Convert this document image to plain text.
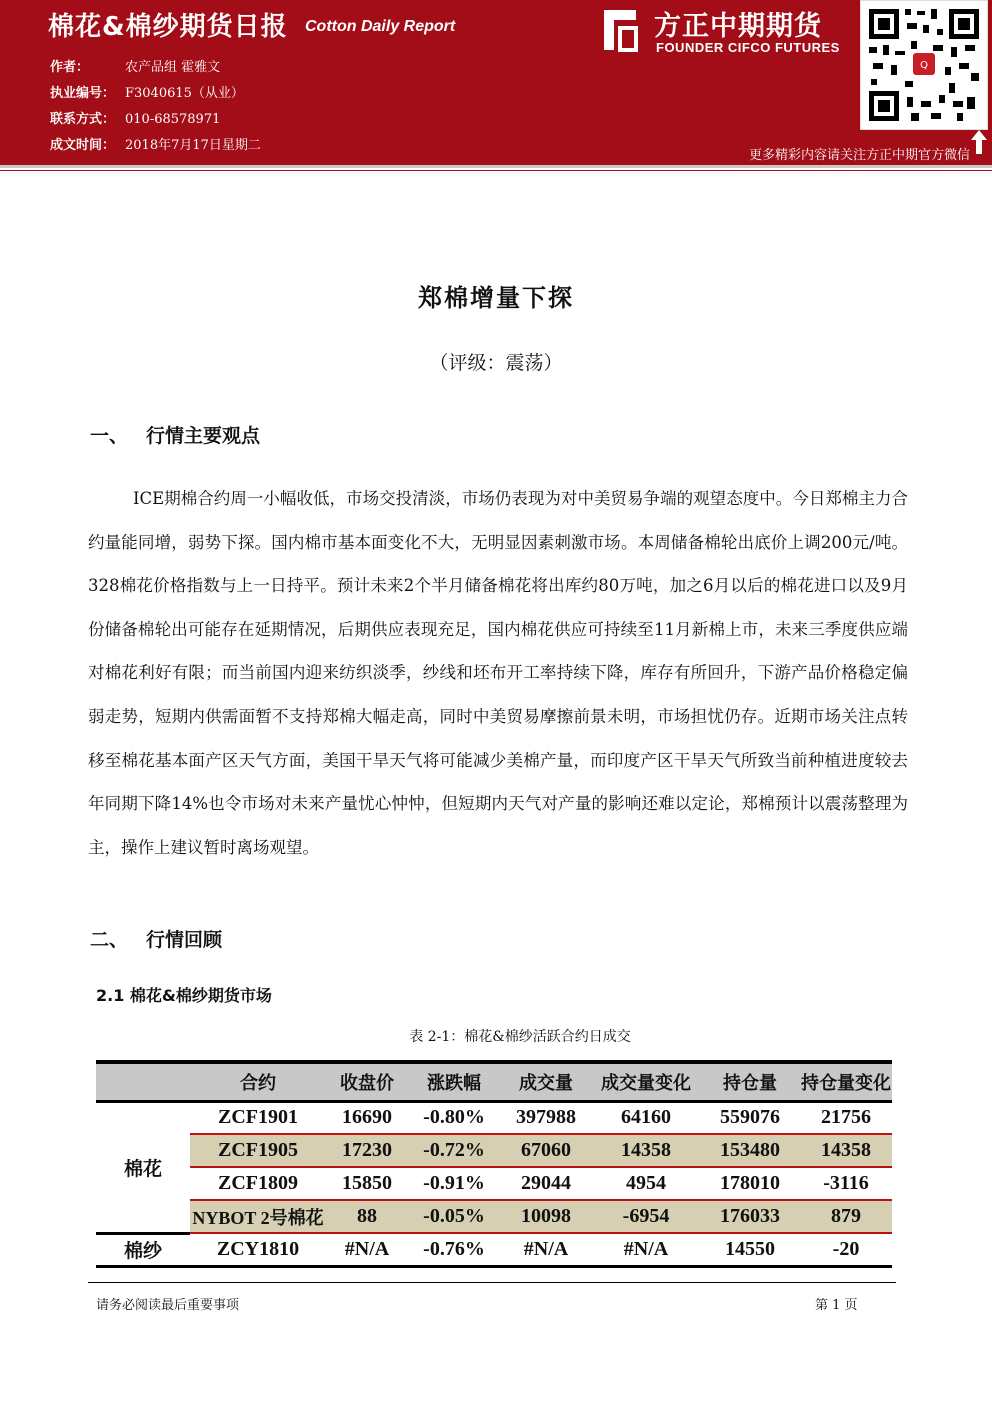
棉花&棉纱期货日报 Cotton Daily Report
作者：	农产品组 霍雅文
执业编号： F3040615（从业）
联系方式： 010-68578971
成文时间： 2018年7月17日星期二
方正中期期货
FOUNDER CIFCO FUTURES
Q
更多精彩内容请关注方正中期官方微信
郑棉增量下探
（评级：震荡）
一、 行情主要观点

ICE期棉合约周一小幅收低，市场交投清淡，市场仍表现为对中美贸易争端的观望态度中。今日郑棉主力合约量能同增，弱势下探。国内棉市基本面变化不大，无明显因素刺激市场。本周储备棉轮出底价上调200元/吨。328棉花价格指数与上一日持平。预计未来2个半月储备棉花将出库约80万吨，加之6月以后的棉花进口以及9月份储备棉轮出可能存在延期情况，后期供应表现充足，国内棉花供应可持续至11月新棉上市，未来三季度供应端对棉花利好有限；而当前国内迎来纺织淡季，纱线和坯布开工率持续下降，库存有所回升，下游产品价格稳定偏弱走势，短期内供需面暂不支持郑棉大幅走高，同时中美贸易摩擦前景未明，市场担忧仍存。近期市场关注点转移至棉花基本面产区天气方面，美国干旱天气将可能减少美棉产量，而印度产区干旱天气所致当前种植进度较去年同期下降14%也令市场对未来产量忧心忡忡，但短期内天气对产量的影响还难以定论，郑棉预计以震荡整理为主，操作上建议暂时离场观望。

二、 行情回顾
2.1 棉花&棉纱期货市场
表 2-1：棉花&棉纱活跃合约日成交
	合约	收盘价	涨跌幅	成交量	成交量变化	持仓量	持仓量变化
棉花	ZCF1901	16690	-0.80%	397988	64160	559076	21756
	ZCF1905	17230	-0.72%	67060	14358	153480	14358
	ZCF1809	15850	-0.91%	29044	4954	178010	-3116
	NYBOT 2号棉花	88	-0.05%	10098	-6954	176033	879
棉纱	ZCY1810	#N/A	-0.76%	#N/A	#N/A	14550	-20
请务必阅读最后重要事项	第 1 页
